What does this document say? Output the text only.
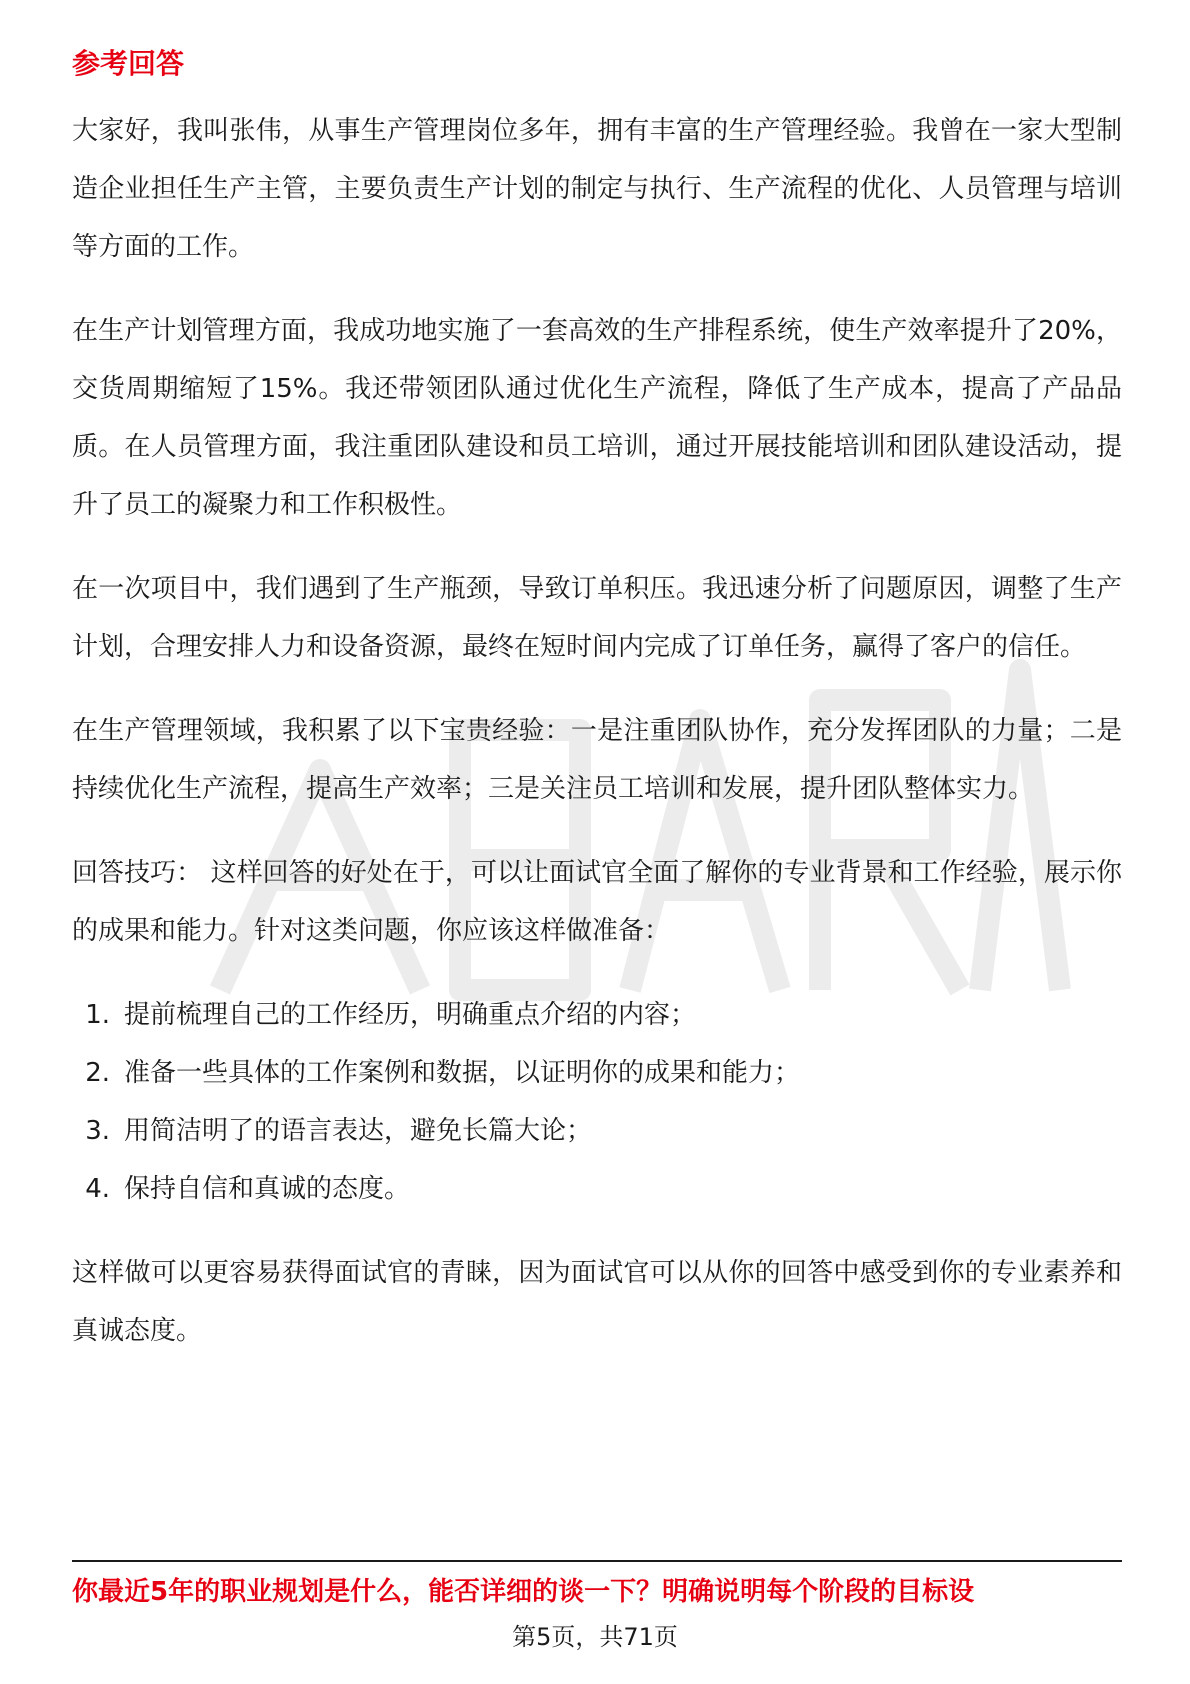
参考回答

大家好，我叫张伟，从事生产管理岗位多年，拥有丰富的生产管理经验。我曾在一家大型制造企业担任生产主管，主要负责生产计划的制定与执行、生产流程的优化、人员管理与培训等方面的工作。

在生产计划管理方面，我成功地实施了一套高效的生产排程系统，使生产效率提升了20%，交货周期缩短了15%。我还带领团队通过优化生产流程，降低了生产成本，提高了产品品质。在人员管理方面，我注重团队建设和员工培训，通过开展技能培训和团队建设活动，提升了员工的凝聚力和工作积极性。

在一次项目中，我们遇到了生产瓶颈，导致订单积压。我迅速分析了问题原因，调整了生产计划，合理安排人力和设备资源，最终在短时间内完成了订单任务，赢得了客户的信任。

在生产管理领域，我积累了以下宝贵经验：一是注重团队协作，充分发挥团队的力量；二是持续优化生产流程，提高生产效率；三是关注员工培训和发展，提升团队整体实力。

回答技巧： 这样回答的好处在于，可以让面试官全面了解你的专业背景和工作经验，展示你的成果和能力。针对这类问题，你应该这样做准备：

1. 提前梳理自己的工作经历，明确重点介绍的内容；
2. 准备一些具体的工作案例和数据，以证明你的成果和能力；
3. 用简洁明了的语言表达，避免长篇大论；
4. 保持自信和真诚的态度。

这样做可以更容易获得面试官的青睐，因为面试官可以从你的回答中感受到你的专业素养和真诚态度。

你最近5年的职业规划是什么，能否详细的谈一下？明确说明每个阶段的目标设
第5页，共71页
